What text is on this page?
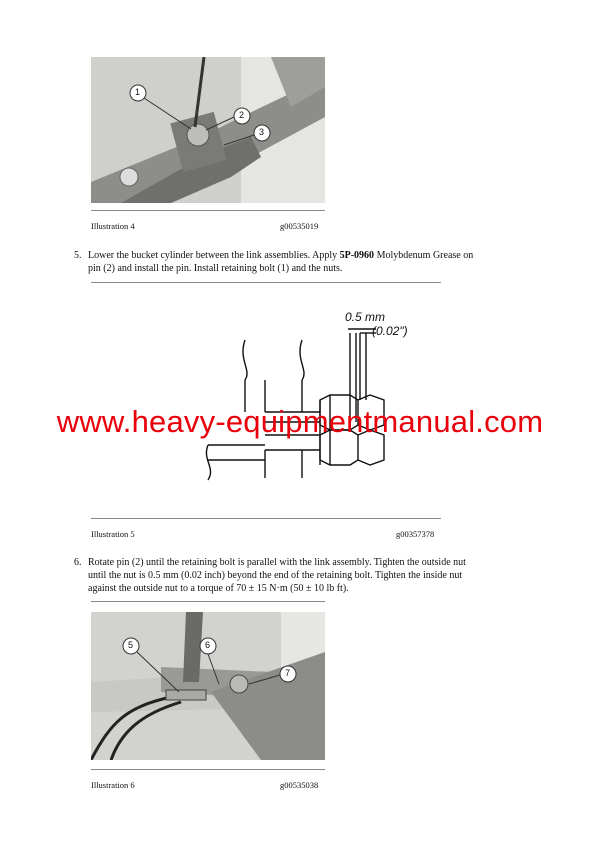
1
2
3
Illustration 4	g00535019
5. Lower the bucket cylinder between the link assemblies. Apply 5P-0960 Molybdenum Grease on
pin (2) and install the pin. Install retaining bolt (1) and the nuts.
0.5 mm
(0.02")
Illustration 5	g00357378
6. Rotate pin (2) until the retaining bolt is parallel with the link assembly. Tighten the outside nut
until the nut is 0.5 mm (0.02 inch) beyond the end of the retaining bolt. Tighten the inside nut
against the outside nut to a torque of 70 ± 15 N·m (50 ± 10 lb ft).
5	6
7
Illustration 6	g00535038
www.heavy-equipmentmanual.com
